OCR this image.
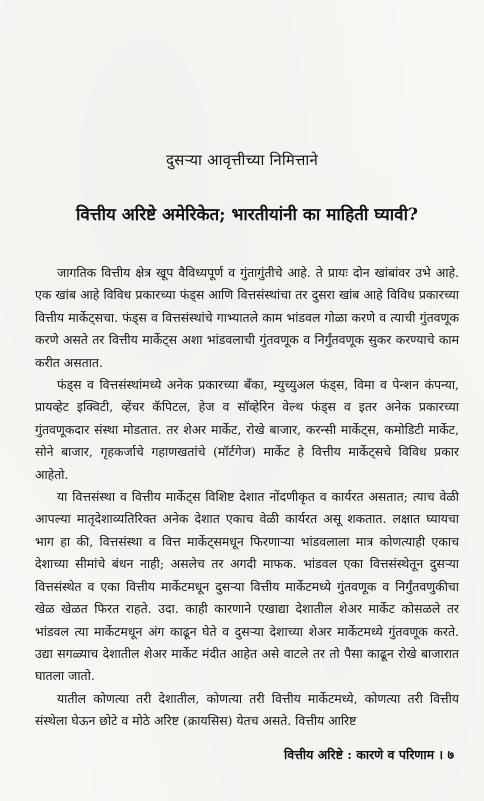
दुसऱ्या आवृत्तीच्या निमित्ताने
वित्तीय अरिष्टे अमेरिकेत; भारतीयांनी का माहिती घ्यावी?

जागतिक वित्तीय क्षेत्र खूप वैविध्यपूर्ण व गुंतागुंतीचे आहे. ते प्रायः दोन खांबांवर उभे आहे. एक खांब आहे विविध प्रकारच्या फंड्स आणि वित्तसंस्थांचा तर दुसरा खांब आहे विविध प्रकारच्या वित्तीय मार्केट्सचा. फंड्स व वित्तसंस्थांचे गाभ्यातले काम भांडवल गोळा करणे व त्याची गुंतवणूक करणे असते तर वित्तीय मार्केट्स अशा भांडवलाची गुंतवणूक व निर्गुंतवणूक सुकर करण्याचे काम करीत असतात.

फंड्स व वित्तसंस्थांमध्ये अनेक प्रकारच्या बँका, म्युच्युअल फंड्स, विमा व पेन्शन कंपन्या, प्रायव्हेट इक्विटी, व्हेंचर कॅपिटल, हेज व सॉव्हेरिन वेल्थ फंड्स व इतर अनेक प्रकारच्या गुंतवणूकदार संस्था मोडतात. तर शेअर मार्केट, रोखे बाजार, करन्सी मार्केट्स, कमोडिटी मार्केट, सोने बाजार, गृहकर्जाचे गहाणखतांचे (मॉर्टगेज) मार्केट हे वित्तीय मार्केट्सचे विविध प्रकार आहेतो.

या वित्तसंस्था व वित्तीय मार्केट्स विशिष्ट देशात नोंदणीकृत व कार्यरत असतात; त्याच वेळी आपल्या मातृदेशाव्यतिरिक्त अनेक देशात एकाच वेळी कार्यरत असू शकतात. लक्षात घ्यायचा भाग हा की, वित्तसंस्था व वित्त मार्केट्समधून फिरणाऱ्या भांडवलाला मात्र कोणत्याही एकाच देशाच्या सीमांचे बंधन नाही; असलेच तर अगदी माफक. भांडवल एका वित्तसंस्थेतून दुसऱ्या वित्तसंस्थेत व एका वित्तीय मार्केटमधून दुसऱ्या वित्तीय मार्केटमध्ये गुंतवणूक व निर्गुंतवणुकीचा खेळ खेळत फिरत राहते. उदा. काही कारणाने एखाद्या देशातील शेअर मार्केट कोसळले तर भांडवल त्या मार्केटमधून अंग काढून घेते व दुसऱ्या देशाच्या शेअर मार्केटमध्ये गुंतवणूक करते. उद्या सगळ्याच देशातील शेअर मार्केट मंदीत आहेत असे वाटले तर तो पैसा काढून रोखे बाजारात घातला जातो.

यातील कोणत्या तरी देशातील, कोणत्या तरी वित्तीय मार्केटमध्ये, कोणत्या तरी वित्तीय संस्थेला घेऊन छोटे व मोठे अरिष्ट (क्रायसिस) येतच असते. वित्तीय आरिष्ट

वित्तीय अरिष्टे : कारणे व परिणाम । ७
